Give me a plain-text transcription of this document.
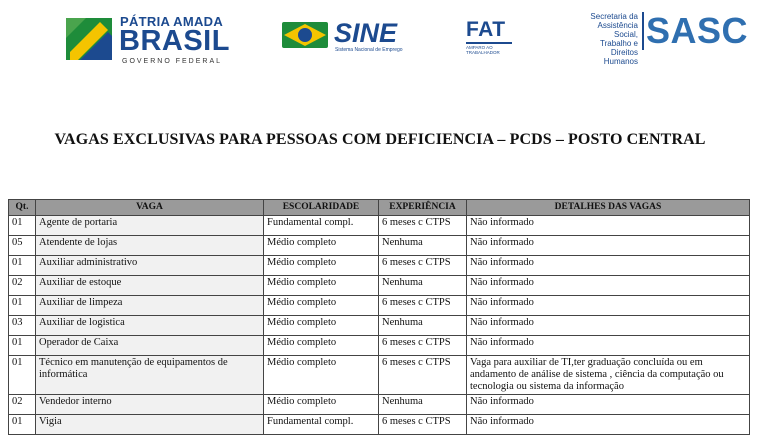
PÁTRIA AMADA
BRASIL
GOVERNO FEDERAL
SINE
Sistema Nacional de Emprego
FAT
AMPARO AO
TRABALHADOR
Secretaria da
Assistência Social,
Trabalho e
Direitos Humanos
SASC
VAGAS EXCLUSIVAS PARA PESSOAS COM DEFICIENCIA – PCDS – POSTO CENTRAL
Qt.	VAGA	ESCOLARIDADE	EXPERIÊNCIA	DETALHES DAS VAGAS
01	Agente de portaria	Fundamental compl.	6 meses c CTPS	Não informado
05	Atendente de lojas	Médio completo	Nenhuma	Não informado
01	Auxiliar administrativo	Médio completo	6 meses c CTPS	Não informado
02	Auxiliar de estoque	Médio completo	Nenhuma	Não informado
01	Auxiliar de limpeza	Médio completo	6 meses c CTPS	Não informado
03	Auxiliar de logistica	Médio completo	Nenhuma	Não informado
01	Operador de Caixa	Médio completo	6 meses c CTPS	Não informado
01	Técnico em manutenção de equipamentos de informática	Médio completo	6 meses c CTPS	Vaga para auxiliar de TI,ter graduação concluída ou em andamento de análise de sistema , ciência da computação ou tecnologia ou sistema da informação
02	Vendedor interno	Médio completo	Nenhuma	Não informado
01	Vigia	Fundamental compl.	6 meses c CTPS	Não informado
